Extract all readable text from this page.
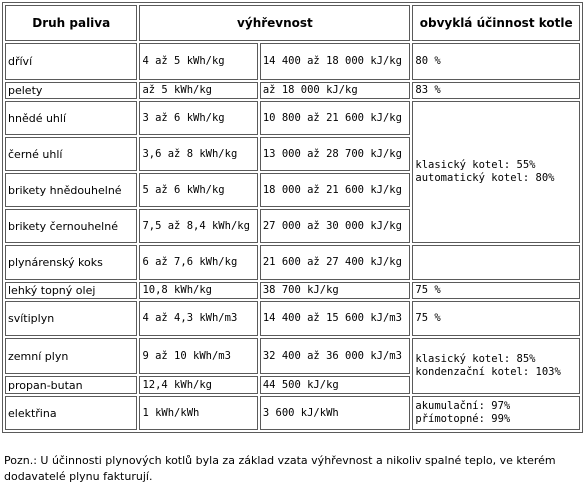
Druh paliva	výhřevnost		obvyklá účinnost kotle
dříví	4 až 5 kWh/kg	14 400 až 18 000 kJ/kg	80 %
pelety	až 5 kWh/kg	až 18 000 kJ/kg	83 %
hnědé uhlí	3 až 6 kWh/kg	10 800 až 21 600 kJ/kg	klasický kotel: 55%
automatický kotel: 80%

černé uhlí	3,6 až 8 kWh/kg	13 000 až 28 700 kJ/kg	
brikety hnědouhelné	5 až 6 kWh/kg	18 000 až 21 600 kJ/kg	
brikety černouhelné	7,5 až 8,4 kWh/kg	27 000 až 30 000 kJ/kg	
plynárenský koks	6 až 7,6 kWh/kg	21 600 až 27 400 kJ/kg	
lehký topný olej	10,8 kWh/kg	38 700 kJ/kg	75 %
svítiplyn	4 až 4,3 kWh/m3	14 400 až 15 600 kJ/m3	75 %
zemní plyn	9 až 10 kWh/m3	32 400 až 36 000 kJ/m3	klasický kotel: 85%
kondenzační kotel: 103%

propan-butan	12,4 kWh/kg	44 500 kJ/kg	
elektřina	1 kWh/kWh	3 600 kJ/kWh	akumulační: 97%
přímotopné: 99%
Pozn.: U účinnosti plynových kotlů byla za základ vzata výhřevnost a nikoliv spalné teplo, ve kterém dodavatelé plynu fakturují.
